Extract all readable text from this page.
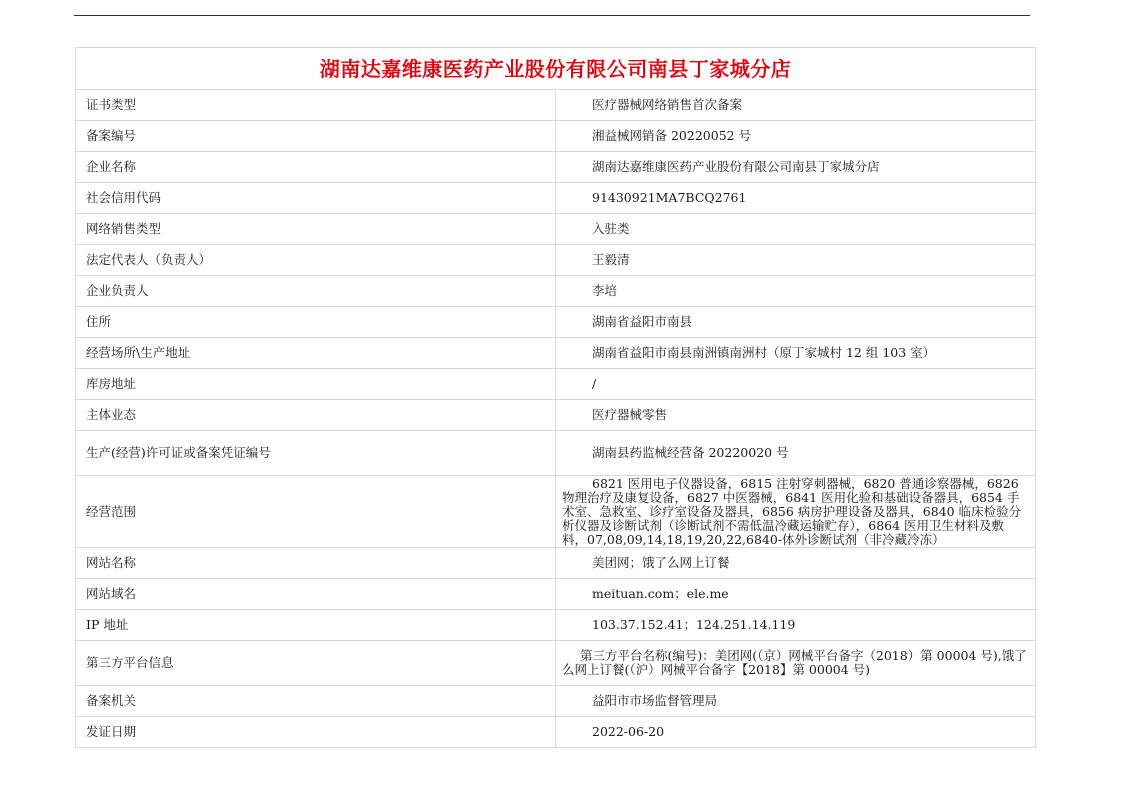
湖南达嘉维康医药产业股份有限公司南县丁家城分店	
证书类型	医疗器械网络销售首次备案
备案编号	湘益械网销备 20220052 号
企业名称	湖南达嘉维康医药产业股份有限公司南县丁家城分店
社会信用代码	91430921MA7BCQ2761
网络销售类型	入驻类
法定代表人（负责人）	王毅清
企业负责人	李培
住所	湖南省益阳市南县
经营场所\生产地址	湖南省益阳市南县南洲镇南洲村（原丁家城村 12 组 103 室）
库房地址	/
主体业态	医疗器械零售
生产(经营)许可证或备案凭证编号	湖南县药监械经营备 20220020 号
经营范围	6821 医用电子仪器设备，6815 注射穿刺器械，6820 普通诊察器械，6826 物理治疗及康复设备，6827 中医器械，6841 医用化验和基础设备器具，6854 手术室、急救室、诊疗室设备及器具，6856 病房护理设备及器具，6840 临床检验分析仪器及诊断试剂（诊断试剂不需低温冷藏运输贮存），6864 医用卫生材料及敷料，07,08,09,14,18,19,20,22,6840-体外诊断试剂（非冷藏冷冻）
网站名称	美团网；饿了么网上订餐
网站域名	meituan.com；ele.me
IP 地址	103.37.152.41；124.251.14.119
第三方平台信息	第三方平台名称(编号)：美团网(（京）网械平台备字（2018）第 00004 号),饿了么网上订餐(（沪）网械平台备字【2018】第 00004 号)
备案机关	益阳市市场监督管理局
发证日期	2022-06-20
